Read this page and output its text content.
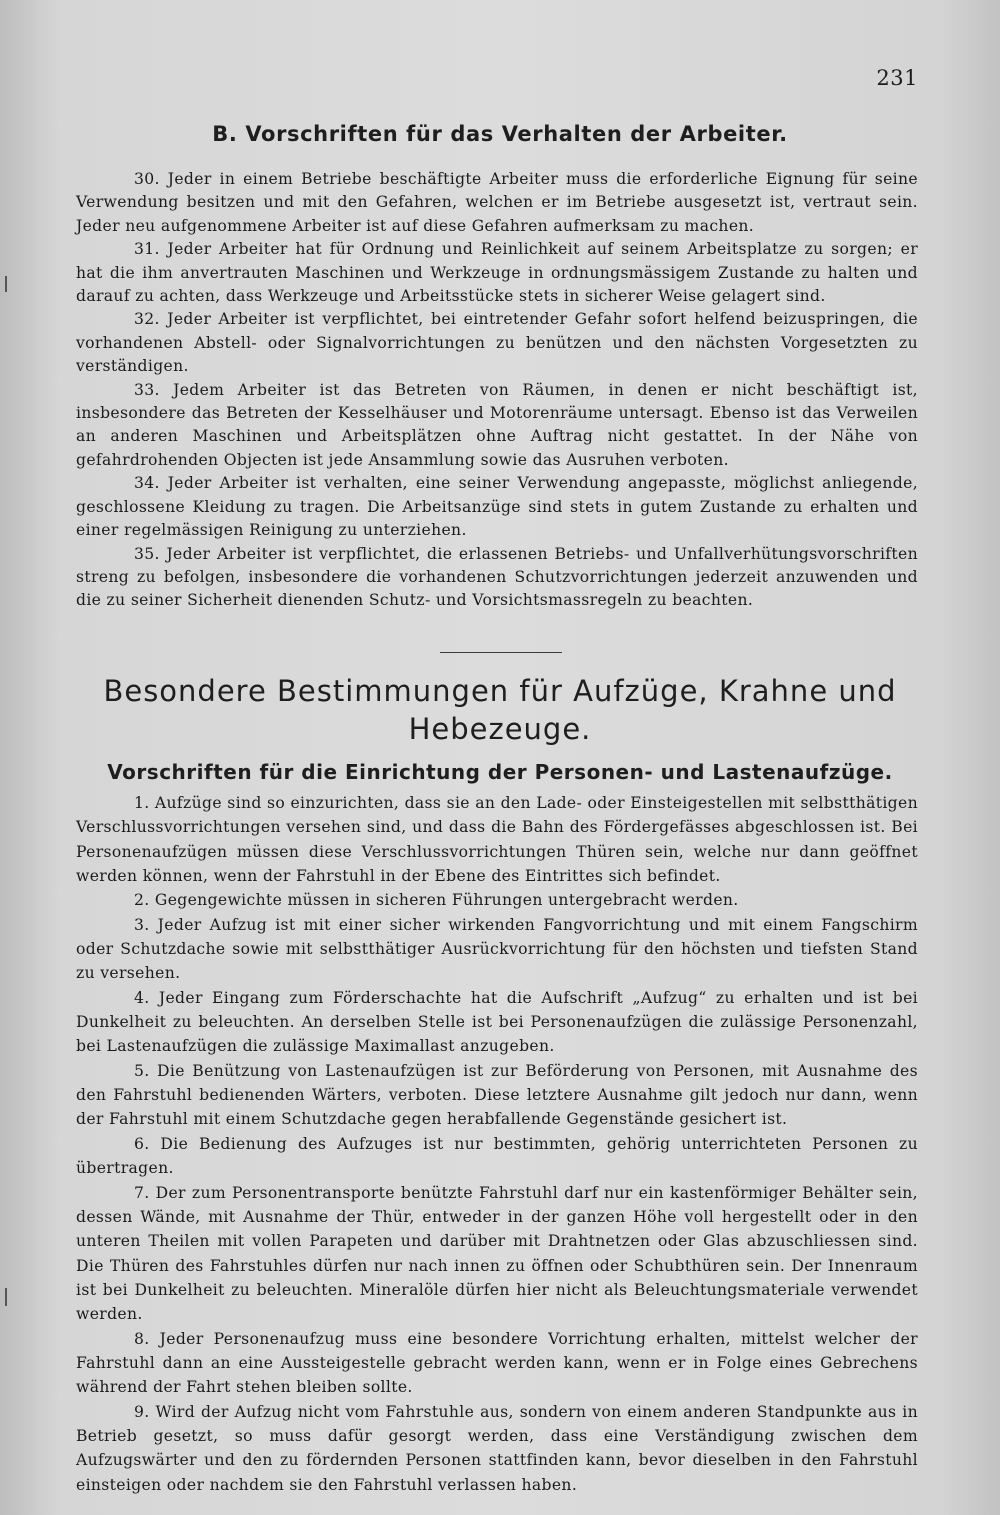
231
B. Vorschriften für das Verhalten der Arbeiter.

30. Jeder in einem Betriebe beschäftigte Arbeiter muss die erforderliche Eignung für seine Verwendung besitzen und mit den Gefahren, welchen er im Betriebe ausgesetzt ist, vertraut sein. Jeder neu aufgenommene Arbeiter ist auf diese Gefahren aufmerksam zu machen.

31. Jeder Arbeiter hat für Ordnung und Reinlichkeit auf seinem Arbeitsplatze zu sorgen; er hat die ihm anvertrauten Maschinen und Werkzeuge in ordnungsmässigem Zustande zu halten und darauf zu achten, dass Werkzeuge und Arbeitsstücke stets in sicherer Weise gelagert sind.

32. Jeder Arbeiter ist verpflichtet, bei eintretender Gefahr sofort helfend beizuspringen, die vorhandenen Abstell- oder Signalvorrichtungen zu benützen und den nächsten Vorgesetzten zu verständigen.

33. Jedem Arbeiter ist das Betreten von Räumen, in denen er nicht beschäftigt ist, insbesondere das Betreten der Kesselhäuser und Motorenräume untersagt. Ebenso ist das Verweilen an anderen Maschinen und Arbeitsplätzen ohne Auftrag nicht gestattet. In der Nähe von gefahrdrohenden Objecten ist jede Ansammlung sowie das Ausruhen verboten.

34. Jeder Arbeiter ist verhalten, eine seiner Verwendung angepasste, möglichst anliegende, geschlossene Kleidung zu tragen. Die Arbeitsanzüge sind stets in gutem Zustande zu erhalten und einer regelmässigen Reinigung zu unterziehen.

35. Jeder Arbeiter ist verpflichtet, die erlassenen Betriebs- und Unfallverhütungsvorschriften streng zu befolgen, insbesondere die vorhandenen Schutzvorrichtungen jederzeit anzuwenden und die zu seiner Sicherheit dienenden Schutz- und Vorsichtsmassregeln zu beachten.

Besondere Bestimmungen für Aufzüge, Krahne und
Hebezeuge.
Vorschriften für die Einrichtung der Personen- und Lastenaufzüge.

1. Aufzüge sind so einzurichten, dass sie an den Lade- oder Einsteigestellen mit selbstthätigen Verschlussvorrichtungen versehen sind, und dass die Bahn des Fördergefässes abgeschlossen ist. Bei Personenaufzügen müssen diese Verschlussvorrichtungen Thüren sein, welche nur dann geöffnet werden können, wenn der Fahrstuhl in der Ebene des Eintrittes sich befindet.

2. Gegengewichte müssen in sicheren Führungen untergebracht werden.

3. Jeder Aufzug ist mit einer sicher wirkenden Fangvorrichtung und mit einem Fangschirm oder Schutzdache sowie mit selbstthätiger Ausrückvorrichtung für den höchsten und tiefsten Stand zu versehen.

4. Jeder Eingang zum Förderschachte hat die Aufschrift „Aufzug“ zu erhalten und ist bei Dunkelheit zu beleuchten. An derselben Stelle ist bei Personenaufzügen die zulässige Personenzahl, bei Lastenaufzügen die zulässige Maximallast anzugeben.

5. Die Benützung von Lastenaufzügen ist zur Beförderung von Personen, mit Ausnahme des den Fahrstuhl bedienenden Wärters, verboten. Diese letztere Ausnahme gilt jedoch nur dann, wenn der Fahrstuhl mit einem Schutzdache gegen herabfallende Gegenstände gesichert ist.

6. Die Bedienung des Aufzuges ist nur bestimmten, gehörig unterrichteten Personen zu übertragen.

7. Der zum Personentransporte benützte Fahrstuhl darf nur ein kastenförmiger Behälter sein, dessen Wände, mit Ausnahme der Thür, entweder in der ganzen Höhe voll hergestellt oder in den unteren Theilen mit vollen Parapeten und darüber mit Drahtnetzen oder Glas abzuschliessen sind. Die Thüren des Fahrstuhles dürfen nur nach innen zu öffnen oder Schubthüren sein. Der Innenraum ist bei Dunkelheit zu beleuchten. Mineralöle dürfen hier nicht als Beleuchtungsmateriale verwendet werden.

8. Jeder Personenaufzug muss eine besondere Vorrichtung erhalten, mittelst welcher der Fahrstuhl dann an eine Aussteigestelle gebracht werden kann, wenn er in Folge eines Gebrechens während der Fahrt stehen bleiben sollte.

9. Wird der Aufzug nicht vom Fahrstuhle aus, sondern von einem anderen Standpunkte aus in Betrieb gesetzt, so muss dafür gesorgt werden, dass eine Verständigung zwischen dem Aufzugswärter und den zu fördernden Personen stattfinden kann, bevor dieselben in den Fahrstuhl einsteigen oder nachdem sie den Fahrstuhl verlassen haben.
